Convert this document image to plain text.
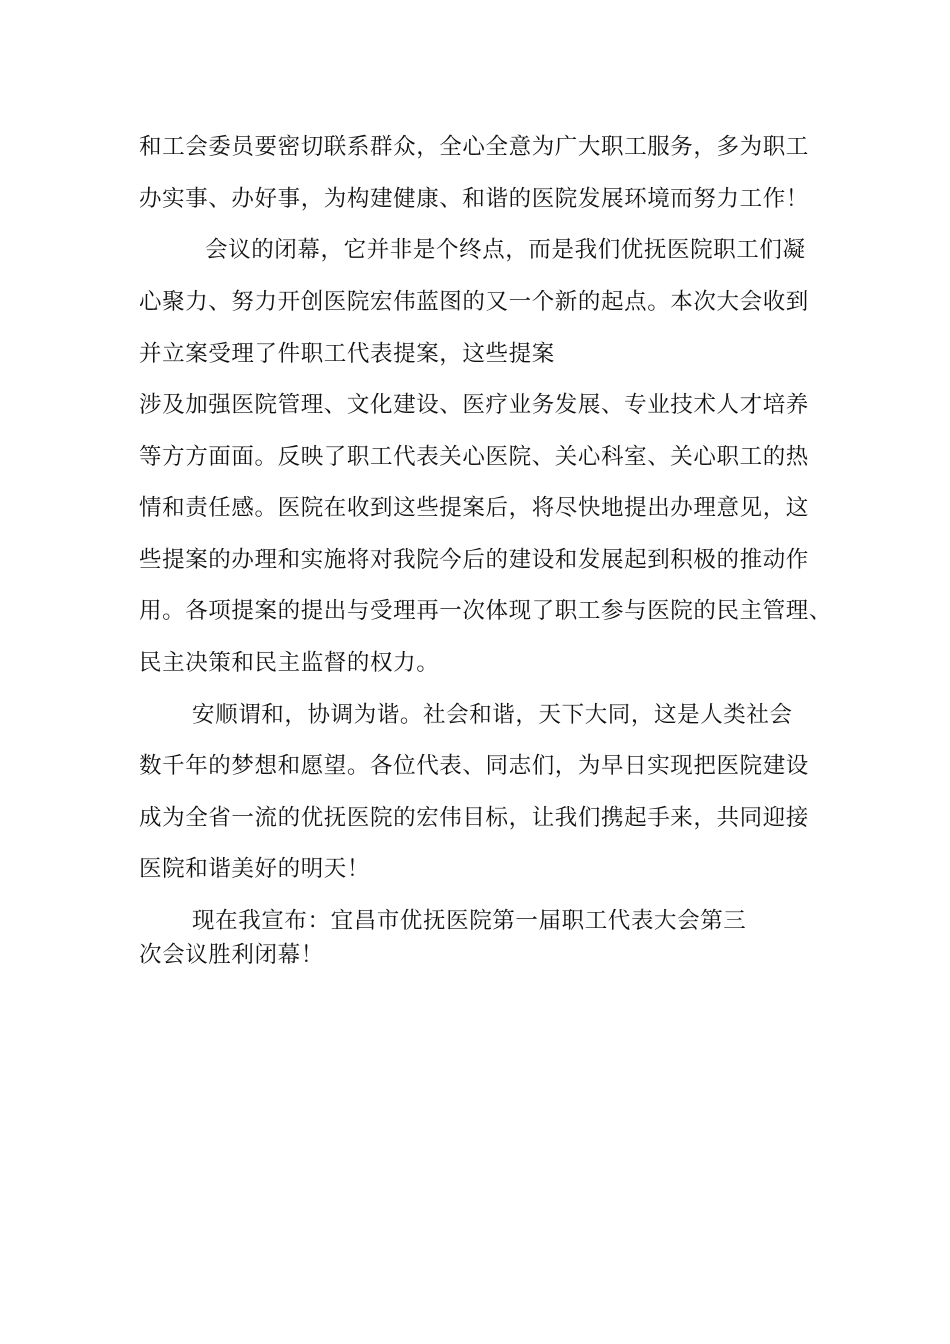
和工会委员要密切联系群众，全心全意为广大职工服务，多为职工
办实事、办好事，为构建健康、和谐的医院发展环境而努力工作！
会议的闭幕，它并非是个终点，而是我们优抚医院职工们凝
心聚力、努力开创医院宏伟蓝图的又一个新的起点。本次大会收到
并立案受理了件职工代表提案，这些提案
涉及加强医院管理、文化建设、医疗业务发展、专业技术人才培养
等方方面面。反映了职工代表关心医院、关心科室、关心职工的热
情和责任感。医院在收到这些提案后，将尽快地提出办理意见，这
些提案的办理和实施将对我院今后的建设和发展起到积极的推动作
用。各项提案的提出与受理再一次体现了职工参与医院的民主管理、
民主决策和民主监督的权力。
安顺谓和，协调为谐。社会和谐，天下大同，这是人类社会
数千年的梦想和愿望。各位代表、同志们，为早日实现把医院建设
成为全省一流的优抚医院的宏伟目标，让我们携起手来，共同迎接
医院和谐美好的明天！
现在我宣布：宜昌市优抚医院第一届职工代表大会第三
次会议胜利闭幕！
